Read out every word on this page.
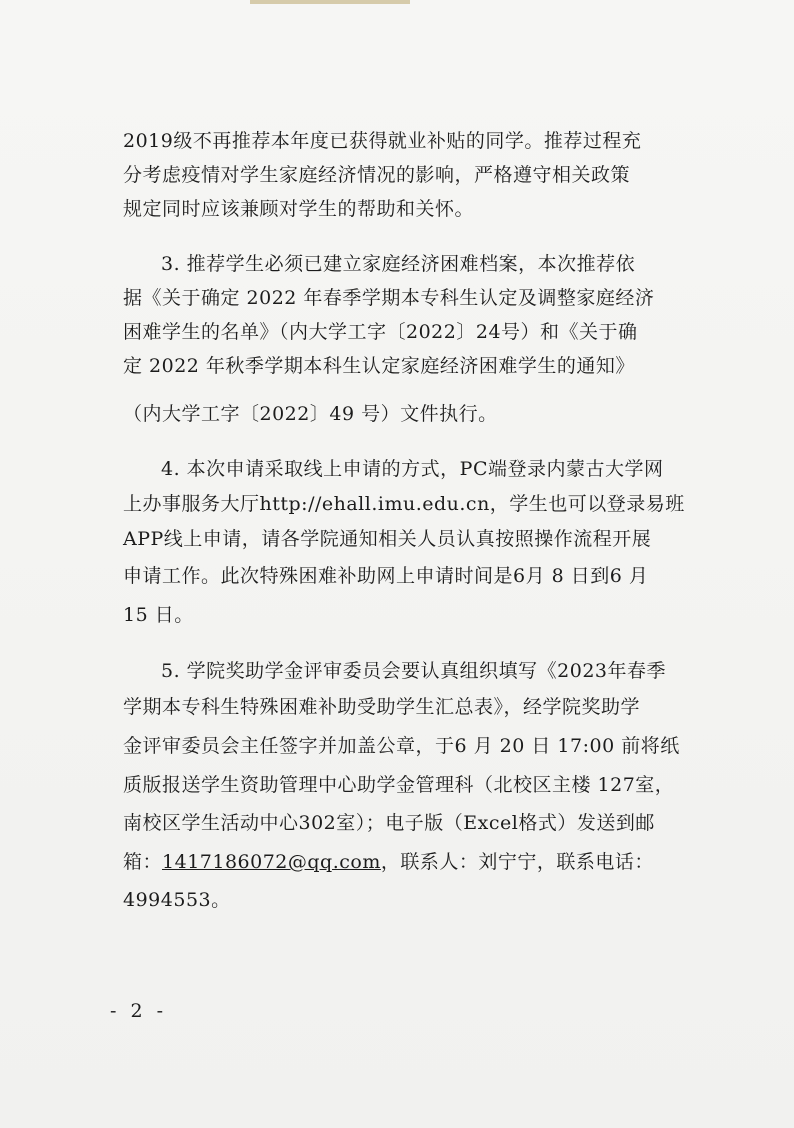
2019级不再推荐本年度已获得就业补贴的同学。推荐过程充
分考虑疫情对学生家庭经济情况的影响，严格遵守相关政策
规定同时应该兼顾对学生的帮助和关怀。
3. 推荐学生必须已建立家庭经济困难档案，本次推荐依
据《关于确定 2022 年春季学期本专科生认定及调整家庭经济
困难学生的名单》（内大学工字〔2022〕24号）和《关于确
定 2022 年秋季学期本科生认定家庭经济困难学生的通知》
（内大学工字〔2022〕49 号）文件执行。
4. 本次申请采取线上申请的方式，PC端登录内蒙古大学网
上办事服务大厅http://ehall.imu.edu.cn，学生也可以登录易班
APP线上申请，请各学院通知相关人员认真按照操作流程开展
申请工作。此次特殊困难补助网上申请时间是6月 8 日到6 月
15 日。
5. 学院奖助学金评审委员会要认真组织填写《2023年春季
学期本专科生特殊困难补助受助学生汇总表》，经学院奖助学
金评审委员会主任签字并加盖公章，于6 月 20 日 17:00 前将纸
质版报送学生资助管理中心助学金管理科（北校区主楼 127室，
南校区学生活动中心302室）；电子版（Excel格式）发送到邮
箱：1417186072@qq.com，联系人：刘宁宁，联系电话：
4994553。
- 2 -
